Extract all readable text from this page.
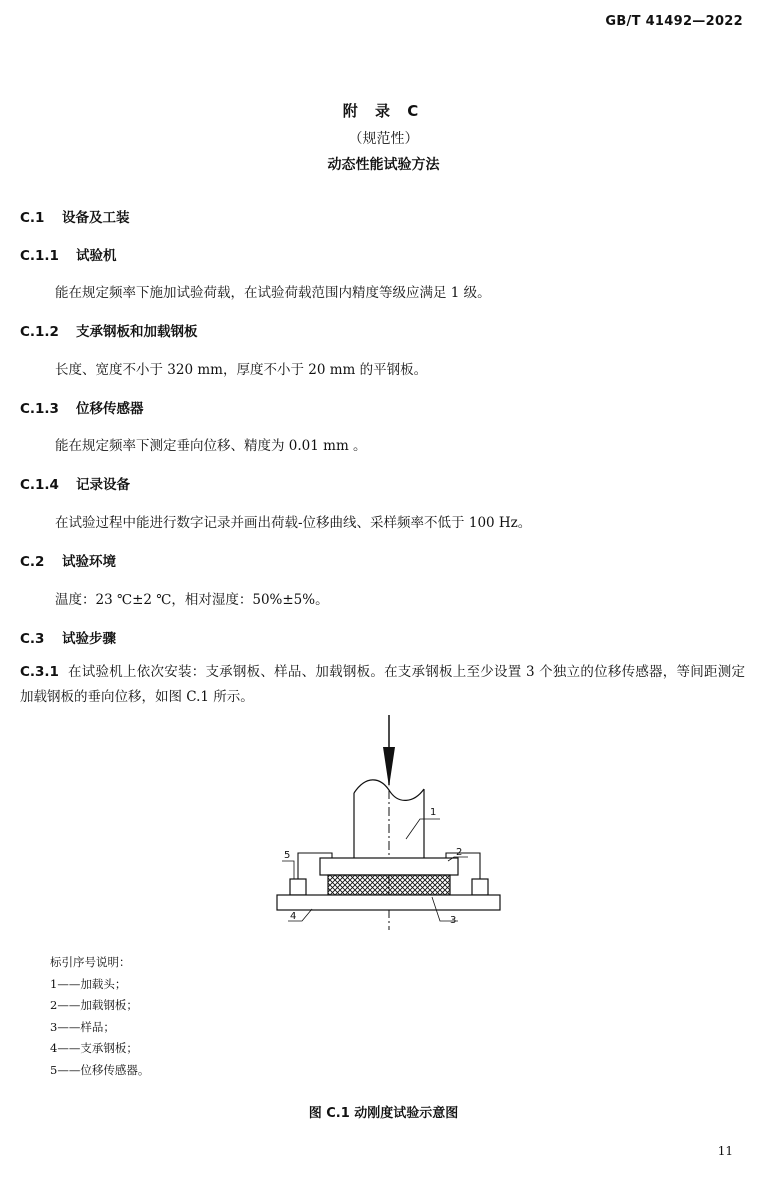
GB/T 41492—2022
附 录 C
（规范性）
动态性能试验方法
C.1 设备及工装
C.1.1 试验机
能在规定频率下施加试验荷载，在试验荷载范围内精度等级应满足 1 级。
C.1.2 支承钢板和加载钢板
长度、宽度不小于 320 mm，厚度不小于 20 mm 的平钢板。
C.1.3 位移传感器
能在规定频率下测定垂向位移、精度为 0.01 mm 。
C.1.4 记录设备
在试验过程中能进行数字记录并画出荷载-位移曲线、采样频率不低于 100 Hz。
C.2 试验环境
温度：23 ℃±2 ℃，相对湿度：50%±5%。
C.3 试验步骤
C.3.1 在试验机上依次安装：支承钢板、样品、加载钢板。在支承钢板上至少设置 3 个独立的位移传感器，等间距测定加载钢板的垂向位移，如图 C.1 所示。
1
2
3
4
5
标引序号说明：
1——加载头；
2——加载钢板；
3——样品；
4——支承钢板；
5——位移传感器。
图 C.1 动刚度试验示意图
11
